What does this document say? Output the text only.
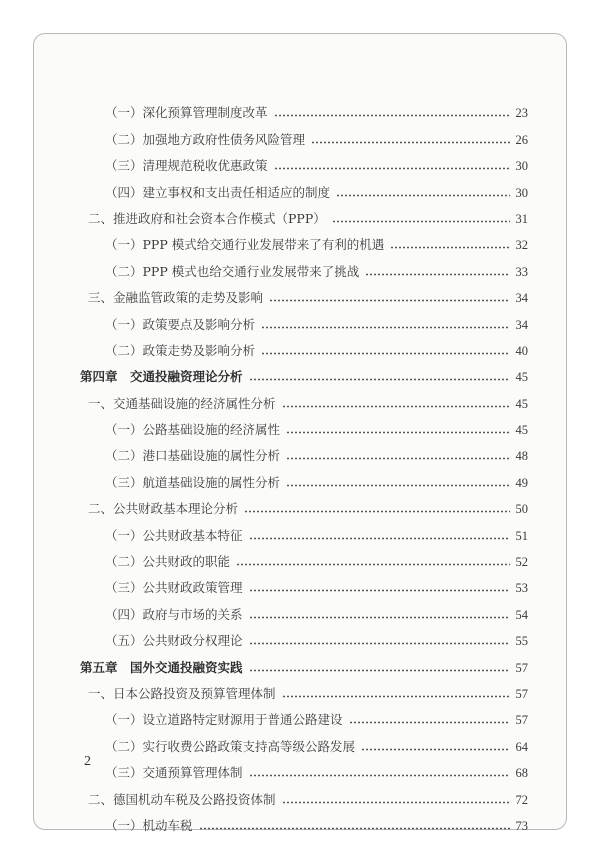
（一）深化预算管理制度改革	23
（二）加强地方政府性债务风险管理	26
（三）清理规范税收优惠政策	30
（四）建立事权和支出责任相适应的制度	30
二、推进政府和社会资本合作模式（PPP）	31
（一）PPP 模式给交通行业发展带来了有利的机遇	32
（二）PPP 模式也给交通行业发展带来了挑战	33
三、金融监管政策的走势及影响	34
（一）政策要点及影响分析	34
（二）政策走势及影响分析	40
第四章　交通投融资理论分析	45
一、交通基础设施的经济属性分析	45
（一）公路基础设施的经济属性	45
（二）港口基础设施的属性分析	48
（三）航道基础设施的属性分析	49
二、公共财政基本理论分析	50
（一）公共财政基本特征	51
（二）公共财政的职能	52
（三）公共财政政策管理	53
（四）政府与市场的关系	54
（五）公共财政分权理论	55
第五章　国外交通投融资实践	57
一、日本公路投资及预算管理体制	57
（一）设立道路特定财源用于普通公路建设	57
（二）实行收费公路政策支持高等级公路发展	64
（三）交通预算管理体制	68
二、德国机动车税及公路投资体制	72
（一）机动车税	73
2
